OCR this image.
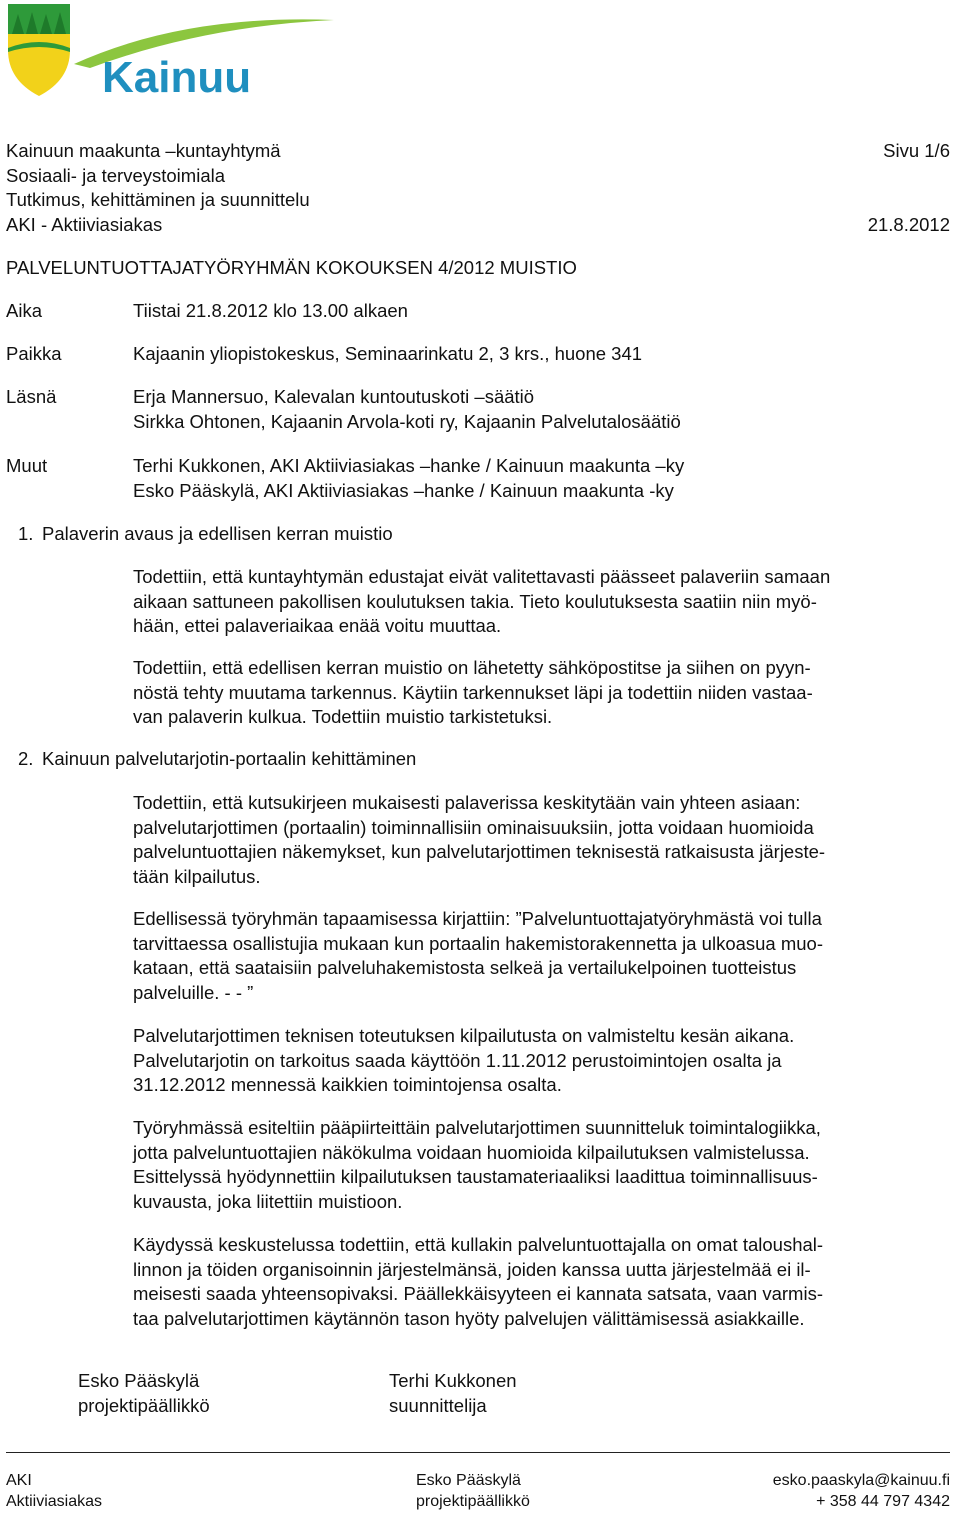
Kainuu
Kainuun maakunta –kuntayhtymä	Sivu 1/6
Sosiaali- ja terveystoimiala
Tutkimus, kehittäminen ja suunnittelu
AKI - Aktiiviasiakas	21.8.2012
PALVELUNTUOTTAJATYÖRYHMÄN KOKOUKSEN 4/2012 MUISTIO
Aika	Tiistai 21.8.2012 klo 13.00 alkaen
Paikka	Kajaanin yliopistokeskus, Seminaarinkatu 2, 3 krs., huone 341
Läsnä	Erja Mannersuo, Kalevalan kuntoutuskoti –säätiö
Sirkka Ohtonen, Kajaanin Arvola-koti ry, Kajaanin Palvelutalosäätiö
Muut	Terhi Kukkonen, AKI Aktiiviasiakas –hanke / Kainuun maakunta –ky
Esko Pääskylä, AKI Aktiiviasiakas –hanke / Kainuun maakunta -ky
1. Palaverin avaus ja edellisen kerran muistio
Todettiin, että kuntayhtymän edustajat eivät valitettavasti päässeet palaveriin samaan
aikaan sattuneen pakollisen koulutuksen takia. Tieto koulutuksesta saatiin niin myö-
hään, ettei palaveriaikaa enää voitu muuttaa.
Todettiin, että edellisen kerran muistio on lähetetty sähköpostitse ja siihen on pyyn-
nöstä tehty muutama tarkennus. Käytiin tarkennukset läpi ja todettiin niiden vastaa-
van palaverin kulkua. Todettiin muistio tarkistetuksi.
2. Kainuun palvelutarjotin-portaalin kehittäminen
Todettiin, että kutsukirjeen mukaisesti palaverissa keskitytään vain yhteen asiaan:
palvelutarjottimen (portaalin) toiminnallisiin ominaisuuksiin, jotta voidaan huomioida
palveluntuottajien näkemykset, kun palvelutarjottimen teknisestä ratkaisusta järjeste-
tään kilpailutus.
Edellisessä työryhmän tapaamisessa kirjattiin: ”Palveluntuottajatyöryhmästä voi tulla
tarvittaessa osallistujia mukaan kun portaalin hakemistorakennetta ja ulkoasua muo-
kataan, että saataisiin palveluhakemistosta selkeä ja vertailukelpoinen tuotteistus
palveluille. - - ”
Palvelutarjottimen teknisen toteutuksen kilpailutusta on valmisteltu kesän aikana.
Palvelutarjotin on tarkoitus saada käyttöön 1.11.2012 perustoimintojen osalta ja
31.12.2012 mennessä kaikkien toimintojensa osalta.
Työryhmässä esiteltiin pääpiirteittäin palvelutarjottimen suunnitteluk toimintalogiikka,
jotta palveluntuottajien näkökulma voidaan huomioida kilpailutuksen valmistelussa.
Esittelyssä hyödynnettiin kilpailutuksen taustamateriaaliksi laadittua toiminnallisuus-
kuvausta, joka liitettiin muistioon.
Käydyssä keskustelussa todettiin, että kullakin palveluntuottajalla on omat taloushal-
linnon ja töiden organisoinnin järjestelmänsä, joiden kanssa uutta järjestelmää ei il-
meisesti saada yhteensopivaksi. Päällekkäisyyteen ei kannata satsata, vaan varmis-
taa palvelutarjottimen käytännön tason hyöty palvelujen välittämisessä asiakkaille.
Esko Pääskylä
projektipäällikkö
Terhi Kukkonen
suunnittelija
AKI
Aktiiviasiakas
Esko Pääskylä
projektipäällikkö
esko.paaskyla@kainuu.fi
+ 358 44 797 4342
